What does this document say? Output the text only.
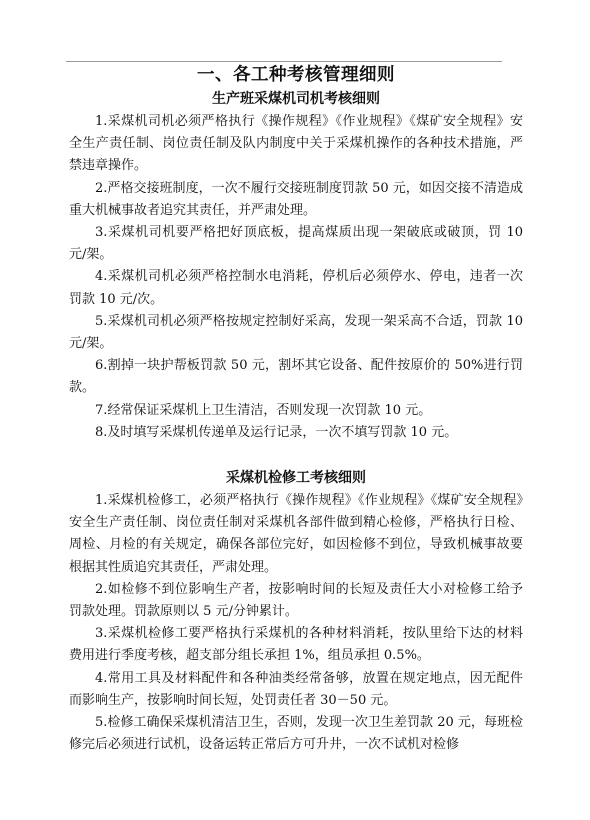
一、各工种考核管理细则
生产班采煤机司机考核细则

1.采煤机司机必须严格执行《操作规程》《作业规程》《煤矿安全规程》安全生产责任制、岗位责任制及队内制度中关于采煤机操作的各种技术措施，严禁违章操作。

2.严格交接班制度，一次不履行交接班制度罚款 50 元，如因交接不清造成重大机械事故者追究其责任，并严肃处理。

3.采煤机司机要严格把好顶底板，提高煤质出现一架破底或破顶，罚 10 元/架。

4.采煤机司机必须严格控制水电消耗，停机后必须停水、停电，违者一次罚款 10 元/次。

5.采煤机司机必须严格按规定控制好采高，发现一架采高不合适，罚款 10 元/架。

6.割掉一块护帮板罚款 50 元，割坏其它设备、配件按原价的 50%进行罚款。

7.经常保证采煤机上卫生清洁，否则发现一次罚款 10 元。

8.及时填写采煤机传递单及运行记录，一次不填写罚款 10 元。

采煤机检修工考核细则

1.采煤机检修工，必须严格执行《操作规程》《作业规程》《煤矿安全规程》安全生产责任制、岗位责任制对采煤机各部件做到精心检修，严格执行日检、周检、月检的有关规定，确保各部位完好，如因检修不到位，导致机械事故要根据其性质追究其责任，严肃处理。

2.如检修不到位影响生产者，按影响时间的长短及责任大小对检修工给予罚款处理。罚款原则以 5 元/分钟累计。

3.采煤机检修工要严格执行采煤机的各种材料消耗，按队里给下达的材料费用进行季度考核，超支部分组长承担 1%，组员承担 0.5%。

4.常用工具及材料配件和各种油类经常备够，放置在规定地点，因无配件而影响生产，按影响时间长短，处罚责任者 30－50 元。

5.检修工确保采煤机清洁卫生，否则，发现一次卫生差罚款 20 元，每班检修完后必须进行试机，设备运转正常后方可升井，一次不试机对检修
